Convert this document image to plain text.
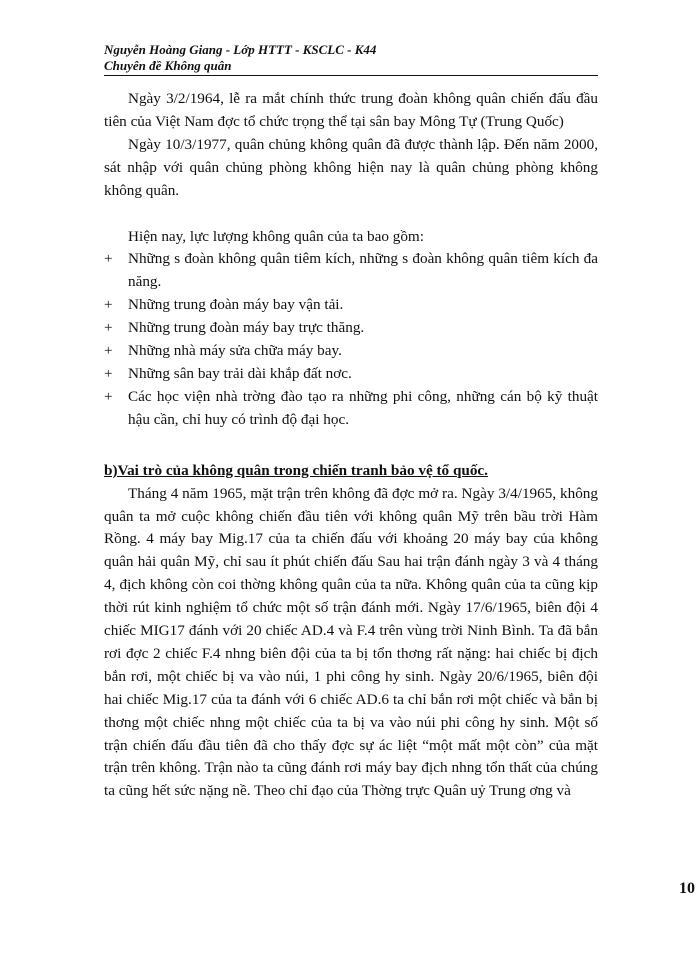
Nguyễn Hoàng Giang - Lớp HTTT - KSCLC - K44
Chuyên đề Không quân

Ngày 3/2/1964, lễ ra mắt chính thức trung đoàn không quân chiến đấu đầu tiên của Việt Nam đợc tổ chức trọng thể tại sân bay Mông Tự (Trung Quốc)

Ngày 10/3/1977, quân chủng không quân đã được thành lập. Đến năm 2000, sát nhập với quân chủng phòng không hiện nay là quân chủng phòng không không quân.

Hiện nay, lực lượng không quân của ta bao gồm:

+ Những s đoàn không quân tiêm kích, những s đoàn không quân tiêm kích đa năng.

+ Những trung đoàn máy bay vận tải.

+ Những trung đoàn máy bay trực thăng.

+ Những nhà máy sửa chữa máy bay.

+ Những sân bay trải dài khắp đất nơc.

+ Các học viện nhà trờng đào tạo ra những phi công, những cán bộ kỹ thuật hậu cần, chỉ huy có trình độ đại học.

b)Vai trò của không quân trong chiến tranh bảo vệ tổ quốc.

Tháng 4 năm 1965, mặt trận trên không đã đợc mở ra. Ngày 3/4/1965, không quân ta mở cuộc không chiến đầu tiên với không quân Mỹ trên bầu trời Hàm Rồng. 4 máy bay Mig.17 của ta chiến đấu với khoảng 20 máy bay của không quân hải quân Mỹ, chỉ sau ít phút chiến đấu Sau hai trận đánh ngày 3 và 4 tháng 4, địch không còn coi thờng không quân của ta nữa. Không quân của ta cũng kịp thời rút kinh nghiệm tổ chức một số trận đánh mới. Ngày 17/6/1965, biên đội 4 chiếc MIG17 đánh với 20 chiếc AD.4 và F.4 trên vùng trời Ninh Bình. Ta đã bắn rơi đợc 2 chiếc F.4 nhng biên đội của ta bị tổn thơng rất nặng: hai chiếc bị địch bắn rơi, một chiếc bị va vào núi, 1 phi công hy sinh. Ngày 20/6/1965, biên đội hai chiếc Mig.17 của ta đánh với 6 chiếc AD.6 ta chỉ bắn rơi một chiếc và bắn bị thơng một chiếc nhng một chiếc của ta bị va vào núi phi công hy sinh. Một số trận chiến đấu đầu tiên đã cho thấy đợc sự ác liệt “một mất một còn” của mặt trận trên không. Trận nào ta cũng đánh rơi máy bay địch nhng tổn thất của chúng ta cũng hết sức nặng nề. Theo chỉ đạo của Thờng trực Quân uỷ Trung ơng và

10
